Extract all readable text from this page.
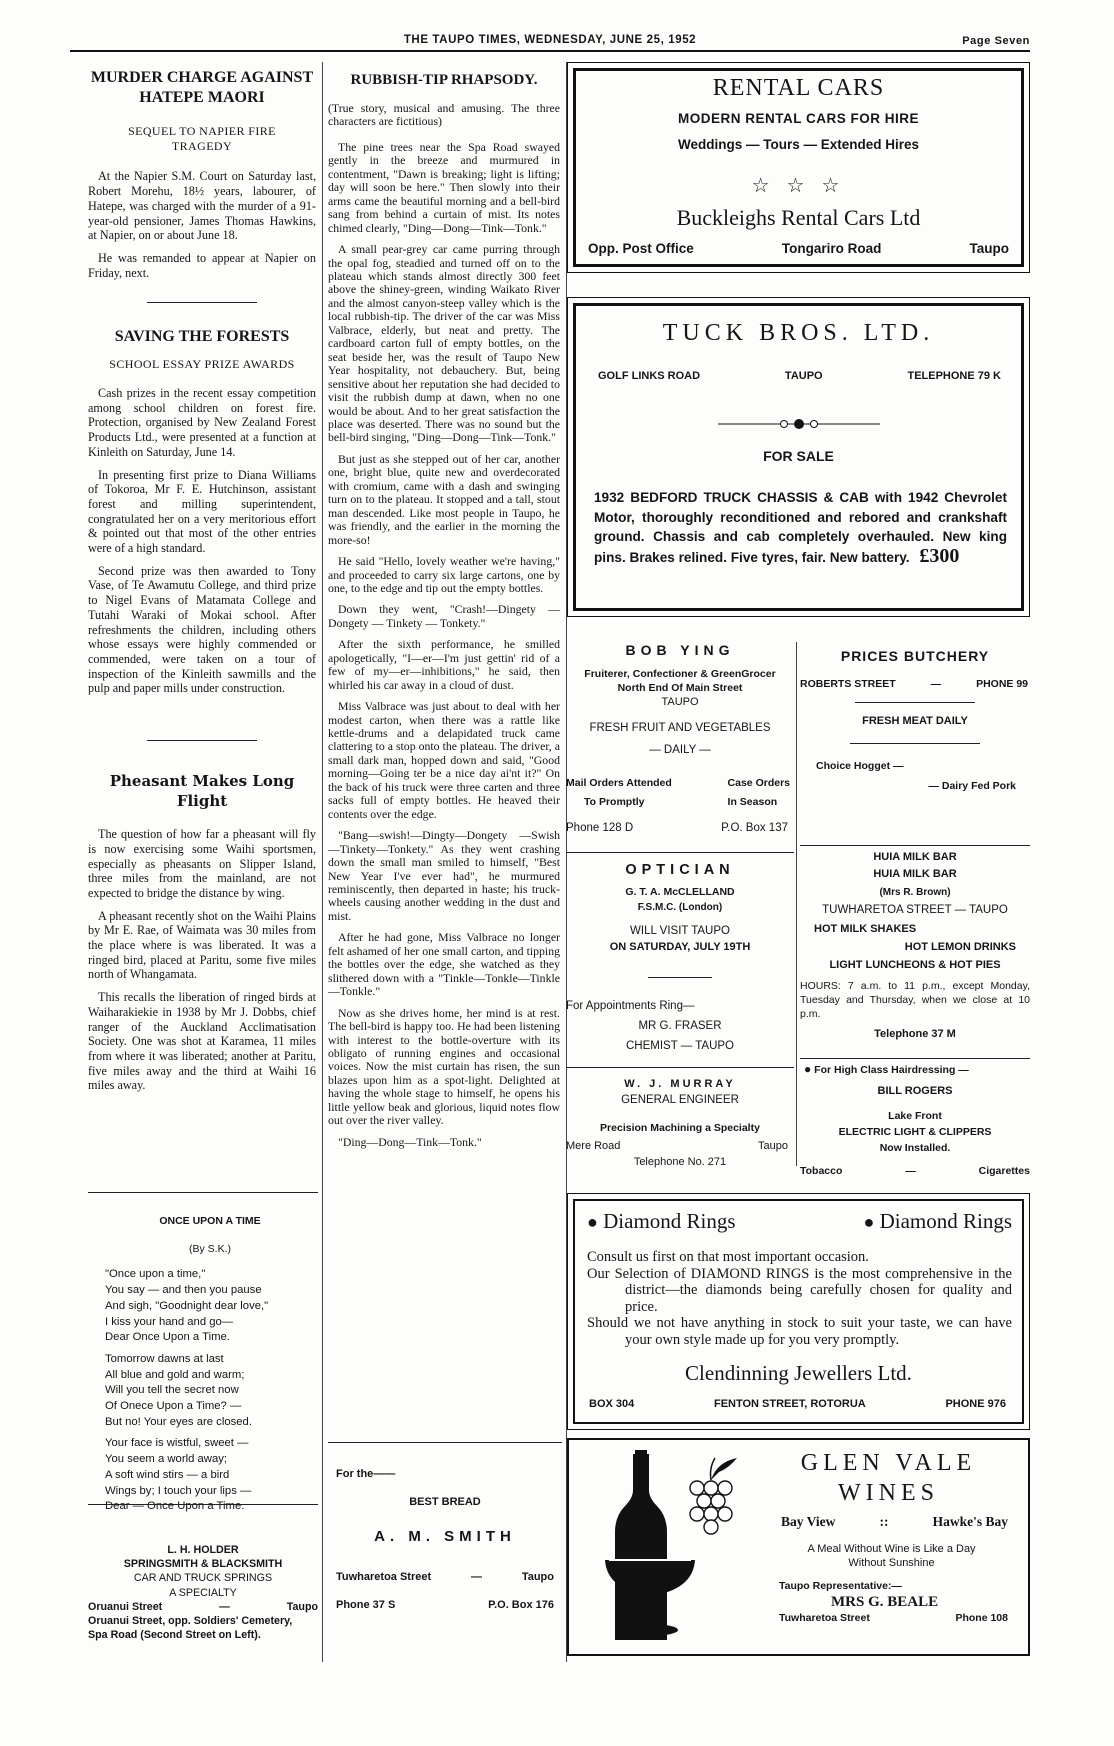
THE TAUPO TIMES, WEDNESDAY, JUNE 25, 1952	Page Seven
MURDER CHARGE AGAINST
HATEPE MAORI
SEQUEL TO NAPIER FIRE
TRAGEDY

At the Napier S.M. Court on Saturday last, Robert Morehu, 18½ years, labourer, of Hatepe, was charged with the murder of a 91-year-old pensioner, James Thomas Hawkins, at Napier, on or about June 18.

He was remanded to appear at Napier on Friday, next.

SAVING THE FORESTS
SCHOOL ESSAY PRIZE AWARDS

Cash prizes in the recent essay competition among school children on forest fire. Protection, organised by New Zealand Forest Products Ltd., were presented at a function at Kinleith on Saturday, June 14.

In presenting first prize to Diana Williams of Tokoroa, Mr F. E. Hutchinson, assistant forest and milling superintendent, congratulated her on a very meritorious effort & pointed out that most of the other entries were of a high standard.

Second prize was then awarded to Tony Vase, of Te Awamutu College, and third prize to Nigel Evans of Matamata College and Tutahi Waraki of Mokai school. After refreshments the children, including others whose essays were highly commended or commended, were taken on a tour of inspection of the Kinleith sawmills and the pulp and paper mills under construction.

Pheasant Makes Long
Flight

The question of how far a pheasant will fly is now exercising some Waihi sportsmen, especially as pheasants on Slipper Island, three miles from the mainland, are not expected to bridge the distance by wing.

A pheasant recently shot on the Waihi Plains by Mr E. Rae, of Waimata was 30 miles from the place where is was liberated. It was a ringed bird, placed at Paritu, some five miles north of Whangamata.

This recalls the liberation of ringed birds at Waiharakiekie in 1938 by Mr J. Dobbs, chief ranger of the Auckland Acclimatisation Society. One was shot at Karamea, 11 miles from where it was liberated; another at Paritu, five miles away and the third at Waihi 16 miles away.

ONCE UPON A TIME
(By S.K.)
"Once upon a time,"
You say — and then you pause
And sigh, "Goodnight dear love,"
I kiss your hand and go—
Dear Once Upon a Time.
Tomorrow dawns at last
All blue and gold and warm;
Will you tell the secret now
Of Onece Upon a Time? —
But no! Your eyes are closed.
Your face is wistful, sweet —
You seem a world away;
A soft wind stirs — a bird
Wings by; I touch your lips —
Dear — Once Upon a Time.
L. H. HOLDER
SPRINGSMITH & BLACKSMITH
CAR AND TRUCK SPRINGS
A SPECIALTY
Oruanui Street	—	Taupo
Oruanui Street, opp. Soldiers' Cemetery,
Spa Road (Second Street on Left).
RUBBISH-TIP RHAPSODY.

(True story, musical and amusing. The three characters are fictitious)

The pine trees near the Spa Road swayed gently in the breeze and murmured in contentment, "Dawn is breaking; light is lifting; day will soon be here." Then slowly into their arms came the beautiful morning and a bell-bird sang from behind a curtain of mist. Its notes chimed clearly, "Ding—Dong—Tink—Tonk."

A small pear-grey car came purring through the opal fog, steadied and turned off on to the plateau which stands almost directly 300 feet above the shiney-green, winding Waikato River and the almost canyon-steep valley which is the local rubbish-tip. The driver of the car was Miss Valbrace, elderly, but neat and pretty. The cardboard carton full of empty bottles, on the seat beside her, was the result of Taupo New Year hospitality, not debauchery. But, being sensitive about her reputation she had decided to visit the rubbish dump at dawn, when no one would be about. And to her great satisfaction the place was deserted. There was no sound but the bell-bird singing, "Ding—Dong—Tink—Tonk."

But just as she stepped out of her car, another one, bright blue, quite new and overdecorated with cromium, came with a dash and swinging turn on to the plateau. It stopped and a tall, stout man descended. Like most people in Taupo, he was friendly, and the earlier in the morning the more-so!

He said "Hello, lovely weather we're having," and proceeded to carry six large cartons, one by one, to the edge and tip out the empty bottles.

Down they went, "Crash!—Dingety — Dongety — Tinkety — Tonkety."

After the sixth performance, he smilled apologetically, "I—er—I'm just gettin' rid of a few of my—er—inhibitions," he said, then whirled his car away in a cloud of dust.

Miss Valbrace was just about to deal with her modest carton, when there was a rattle like kettle-drums and a delapidated truck came clattering to a stop onto the plateau. The driver, a small dark man, hopped down and said, "Good morning—Going ter be a nice day ai'nt it?" On the back of his truck were three carten and three sacks full of empty bottles. He heaved their contents over the edge.

"Bang—swish!—Dingty—Dongety —Swish—Tinkety—Tonkety." As they went crashing down the small man smiled to himself, "Best New Year I've ever had", he murmured reminiscently, then departed in haste; his truck-wheels causing another wedding in the dust and mist.

After he had gone, Miss Valbrace no longer felt ashamed of her one small carton, and tipping the bottles over the edge, she watched as they slithered down with a "Tinkle—Tonkle—Tinkle—Tonkle."

Now as she drives home, her mind is at rest. The bell-bird is happy too. He had been listening with interest to the bottle-overture with its obligato of running engines and occasional voices. Now the mist curtain has risen, the sun blazes upon him as a spot-light. Delighted at having the whole stage to himself, he opens his little yellow beak and glorious, liquid notes flow out over the river valley.

"Ding—Dong—Tink—Tonk."

For the——
BEST BREAD
A. M. SMITH
Tuwharetoa Street	—	Taupo
Phone 37 S	P.O. Box 176
RENTAL CARS
MODERN RENTAL CARS FOR HIRE
Weddings — Tours — Extended Hires
☆ ☆ ☆
Buckleighs Rental Cars Ltd
Opp. Post Office	Tongariro Road	Taupo
TUCK BROS. LTD.
GOLF LINKS ROAD	TAUPO	TELEPHONE 79 K
FOR SALE
1932 BEDFORD TRUCK CHASSIS & CAB with 1942 Chevrolet Motor, thoroughly reconditioned and rebored and crankshaft ground. Chassis and cab completely overhauled. New king pins. Brakes relined. Five tyres, fair. New battery. £300
BOB YING
Fruiterer, Confectioner & GreenGrocer
North End Of Main Street
TAUPO
FRESH FRUIT AND VEGETABLES
— DAILY —
Mail Orders Attended
To Promptly
Case Orders
In Season
Phone 128 D	P.O. Box 137
OPTICIAN
G. T. A. McCLELLAND
F.S.M.C. (London)
WILL VISIT TAUPO
ON SATURDAY, JULY 19TH
For Appointments Ring—
MR G. FRASER
CHEMIST — TAUPO
W. J. MURRAY
GENERAL ENGINEER
Precision Machining a Specialty
Mere Road	Taupo
Telephone No. 271
PRICES BUTCHERY
ROBERTS STREET	—	PHONE 99
FRESH MEAT DAILY
Choice Hogget —
— Dairy Fed Pork
HUIA MILK BAR
HUIA MILK BAR
(Mrs R. Brown)
TUWHARETOA STREET — TAUPO
HOT MILK SHAKES
HOT LEMON DRINKS
LIGHT LUNCHEONS & HOT PIES
HOURS: 7 a.m. to 11 p.m., except Monday, Tuesday and Thursday, when we close at 10 p.m.
Telephone 37 M
● For High Class Hairdressing —
BILL ROGERS
Lake Front
ELECTRIC LIGHT & CLIPPERS
Now Installed.
Tobacco	—	Cigarettes
● Diamond Rings	● Diamond Rings
Consult us first on that most important occasion.
Our Selection of DIAMOND RINGS is the most comprehensive in the district—the diamonds being carefully chosen for quality and price.
Should we not have anything in stock to suit your taste, we can have your own style made up for you very promptly.
Clendinning Jewellers Ltd.
BOX 304	FENTON STREET, ROTORUA	PHONE 976
GLEN VALE
WINES
Bay View	::	Hawke's Bay
A Meal Without Wine is Like a Day
Without Sunshine
Taupo Representative:—
MRS G. BEALE
Tuwharetoa Street	Phone 108
